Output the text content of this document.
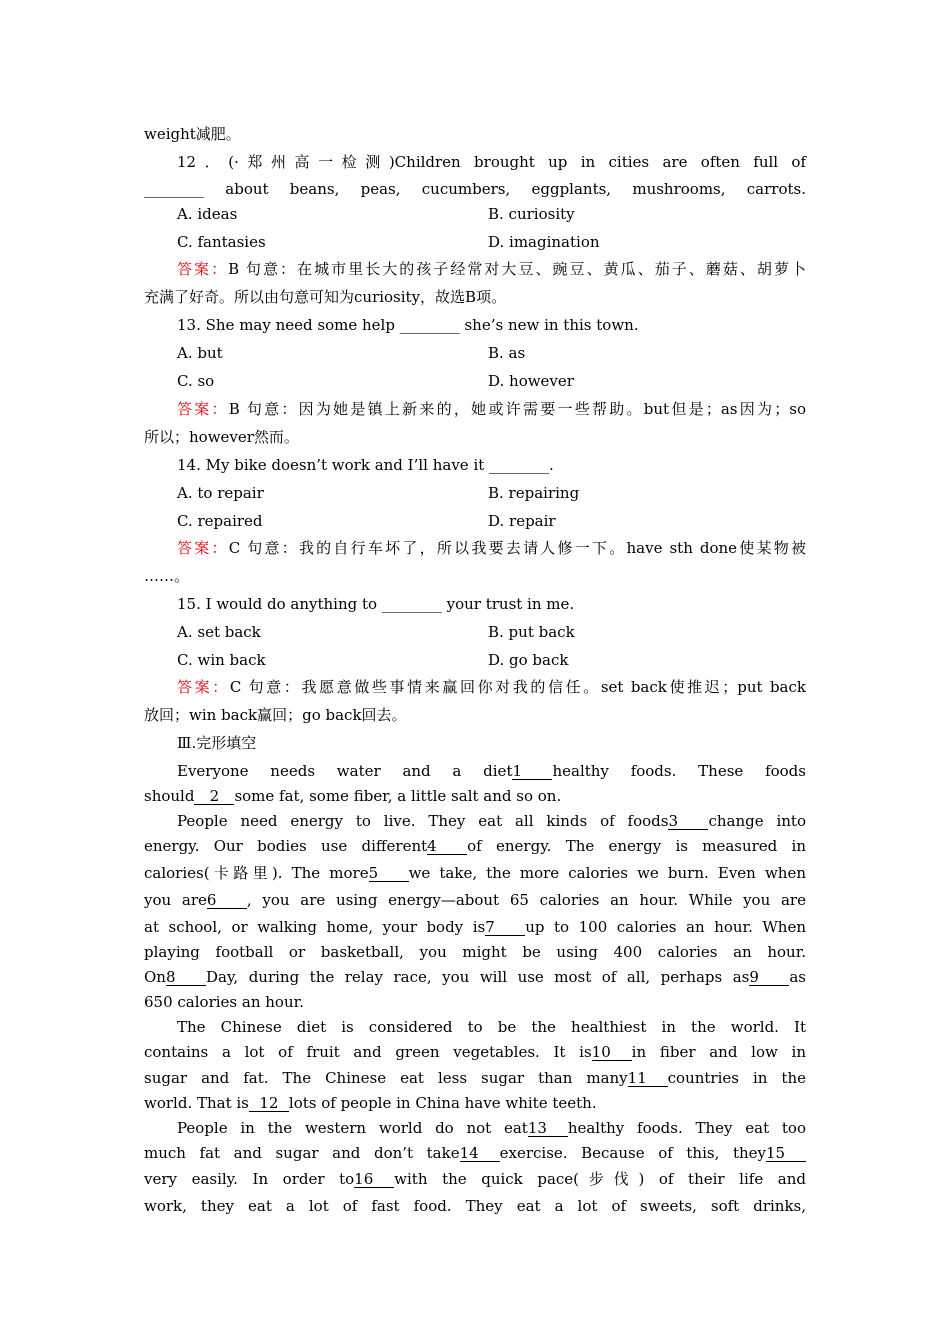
weight减肥。
12．(·郑州高一检测)Children brought up in cities are often full of
________ about beans, peas, cucumbers, eggplants, mushrooms, carrots.
A. ideas	B. curiosity
C. fantasies	D. imagination
答案：B 句意：在城市里长大的孩子经常对大豆、豌豆、黄瓜、茄子、蘑菇、胡萝卜
充满了好奇。所以由句意可知为curiosity，故选B项。
13. She may need some help ________ she’s new in this town.
A. but	B. as
C. so	D. however
答案：B 句意：因为她是镇上新来的，她或许需要一些帮助。but但是；as因为；so
所以；however然而。
14. My bike doesn’t work and I’ll have it ________.
A. to repair	B. repairing
C. repaired	D. repair
答案：C 句意：我的自行车坏了，所以我要去请人修一下。have sth done使某物被
……。
15. I would do anything to ________ your trust in me.
A. set back	B. put back
C. win back	D. go back
答案：C 句意：我愿意做些事情来赢回你对我的信任。set back使推迟；put back
放回；win back赢回；go back回去。
Ⅲ.完形填空
Everyone needs water and a diet1 healthy foods. These foods
should 2 some fat, some fiber, a little salt and so on.
People need energy to live. They eat all kinds of foods3 change into
energy. Our bodies use different4 of energy. The energy is measured in
calories(卡路里). The more5 we take, the more calories we burn. Even when
you are6 , you are using energy—about 65 calories an hour. While you are
at school, or walking home, your body is7 up to 100 calories an hour. When
playing football or basketball, you might be using 400 calories an hour.
On8 Day, during the relay race, you will use most of all, perhaps as9 as
650 calories an hour.
The Chinese diet is considered to be the healthiest in the world. It
contains a lot of fruit and green vegetables. It is10 in fiber and low in
sugar and fat. The Chinese eat less sugar than many11 countries in the
world. That is 12 lots of people in China have white teeth.
People in the western world do not eat13 healthy foods. They eat too
much fat and sugar and don’t take14 exercise. Because of this, they15
very easily. In order to16 with the quick pace(步伐) of their life and
work, they eat a lot of fast food. They eat a lot of sweets, soft drinks,
